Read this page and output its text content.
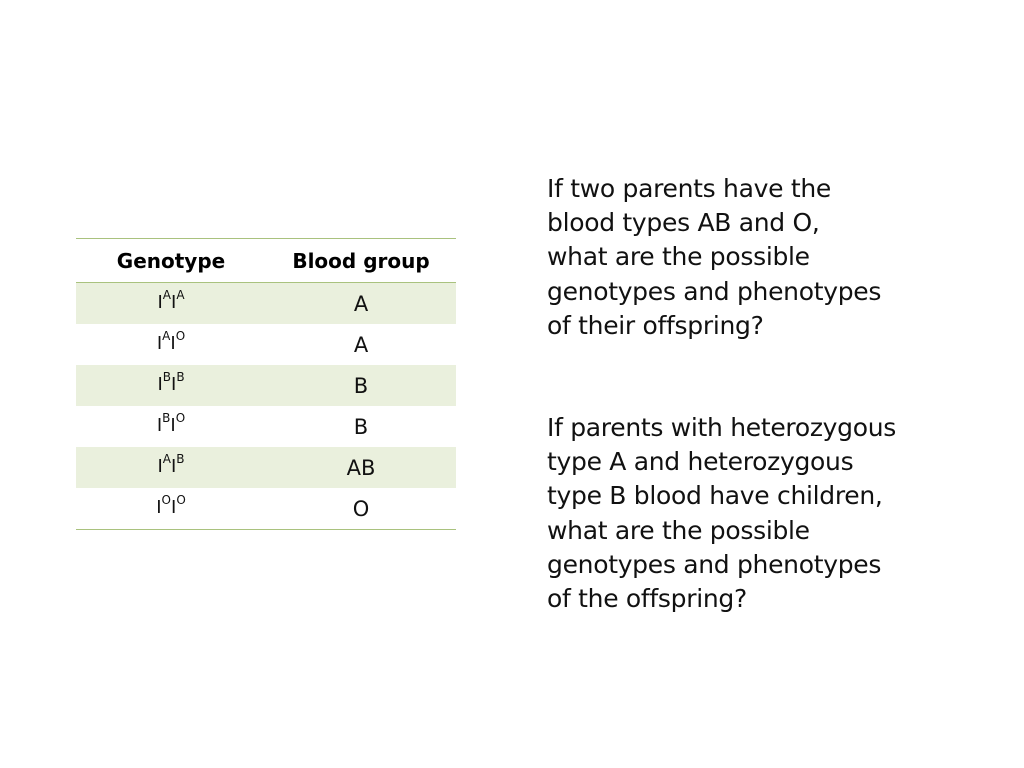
Genotype	Blood group
$I^AI^A$	A
$I^AI^O$	A
$I^BI^B$	B
$I^BI^O$	B
$I^AI^B$	AB
$I^OI^O$	O
If two parents have the
blood types AB and O,
what are the possible
genotypes and phenotypes
of their offspring?
If parents with heterozygous
type A and heterozygous
type B blood have children,
what are the possible
genotypes and phenotypes
of the offspring?
